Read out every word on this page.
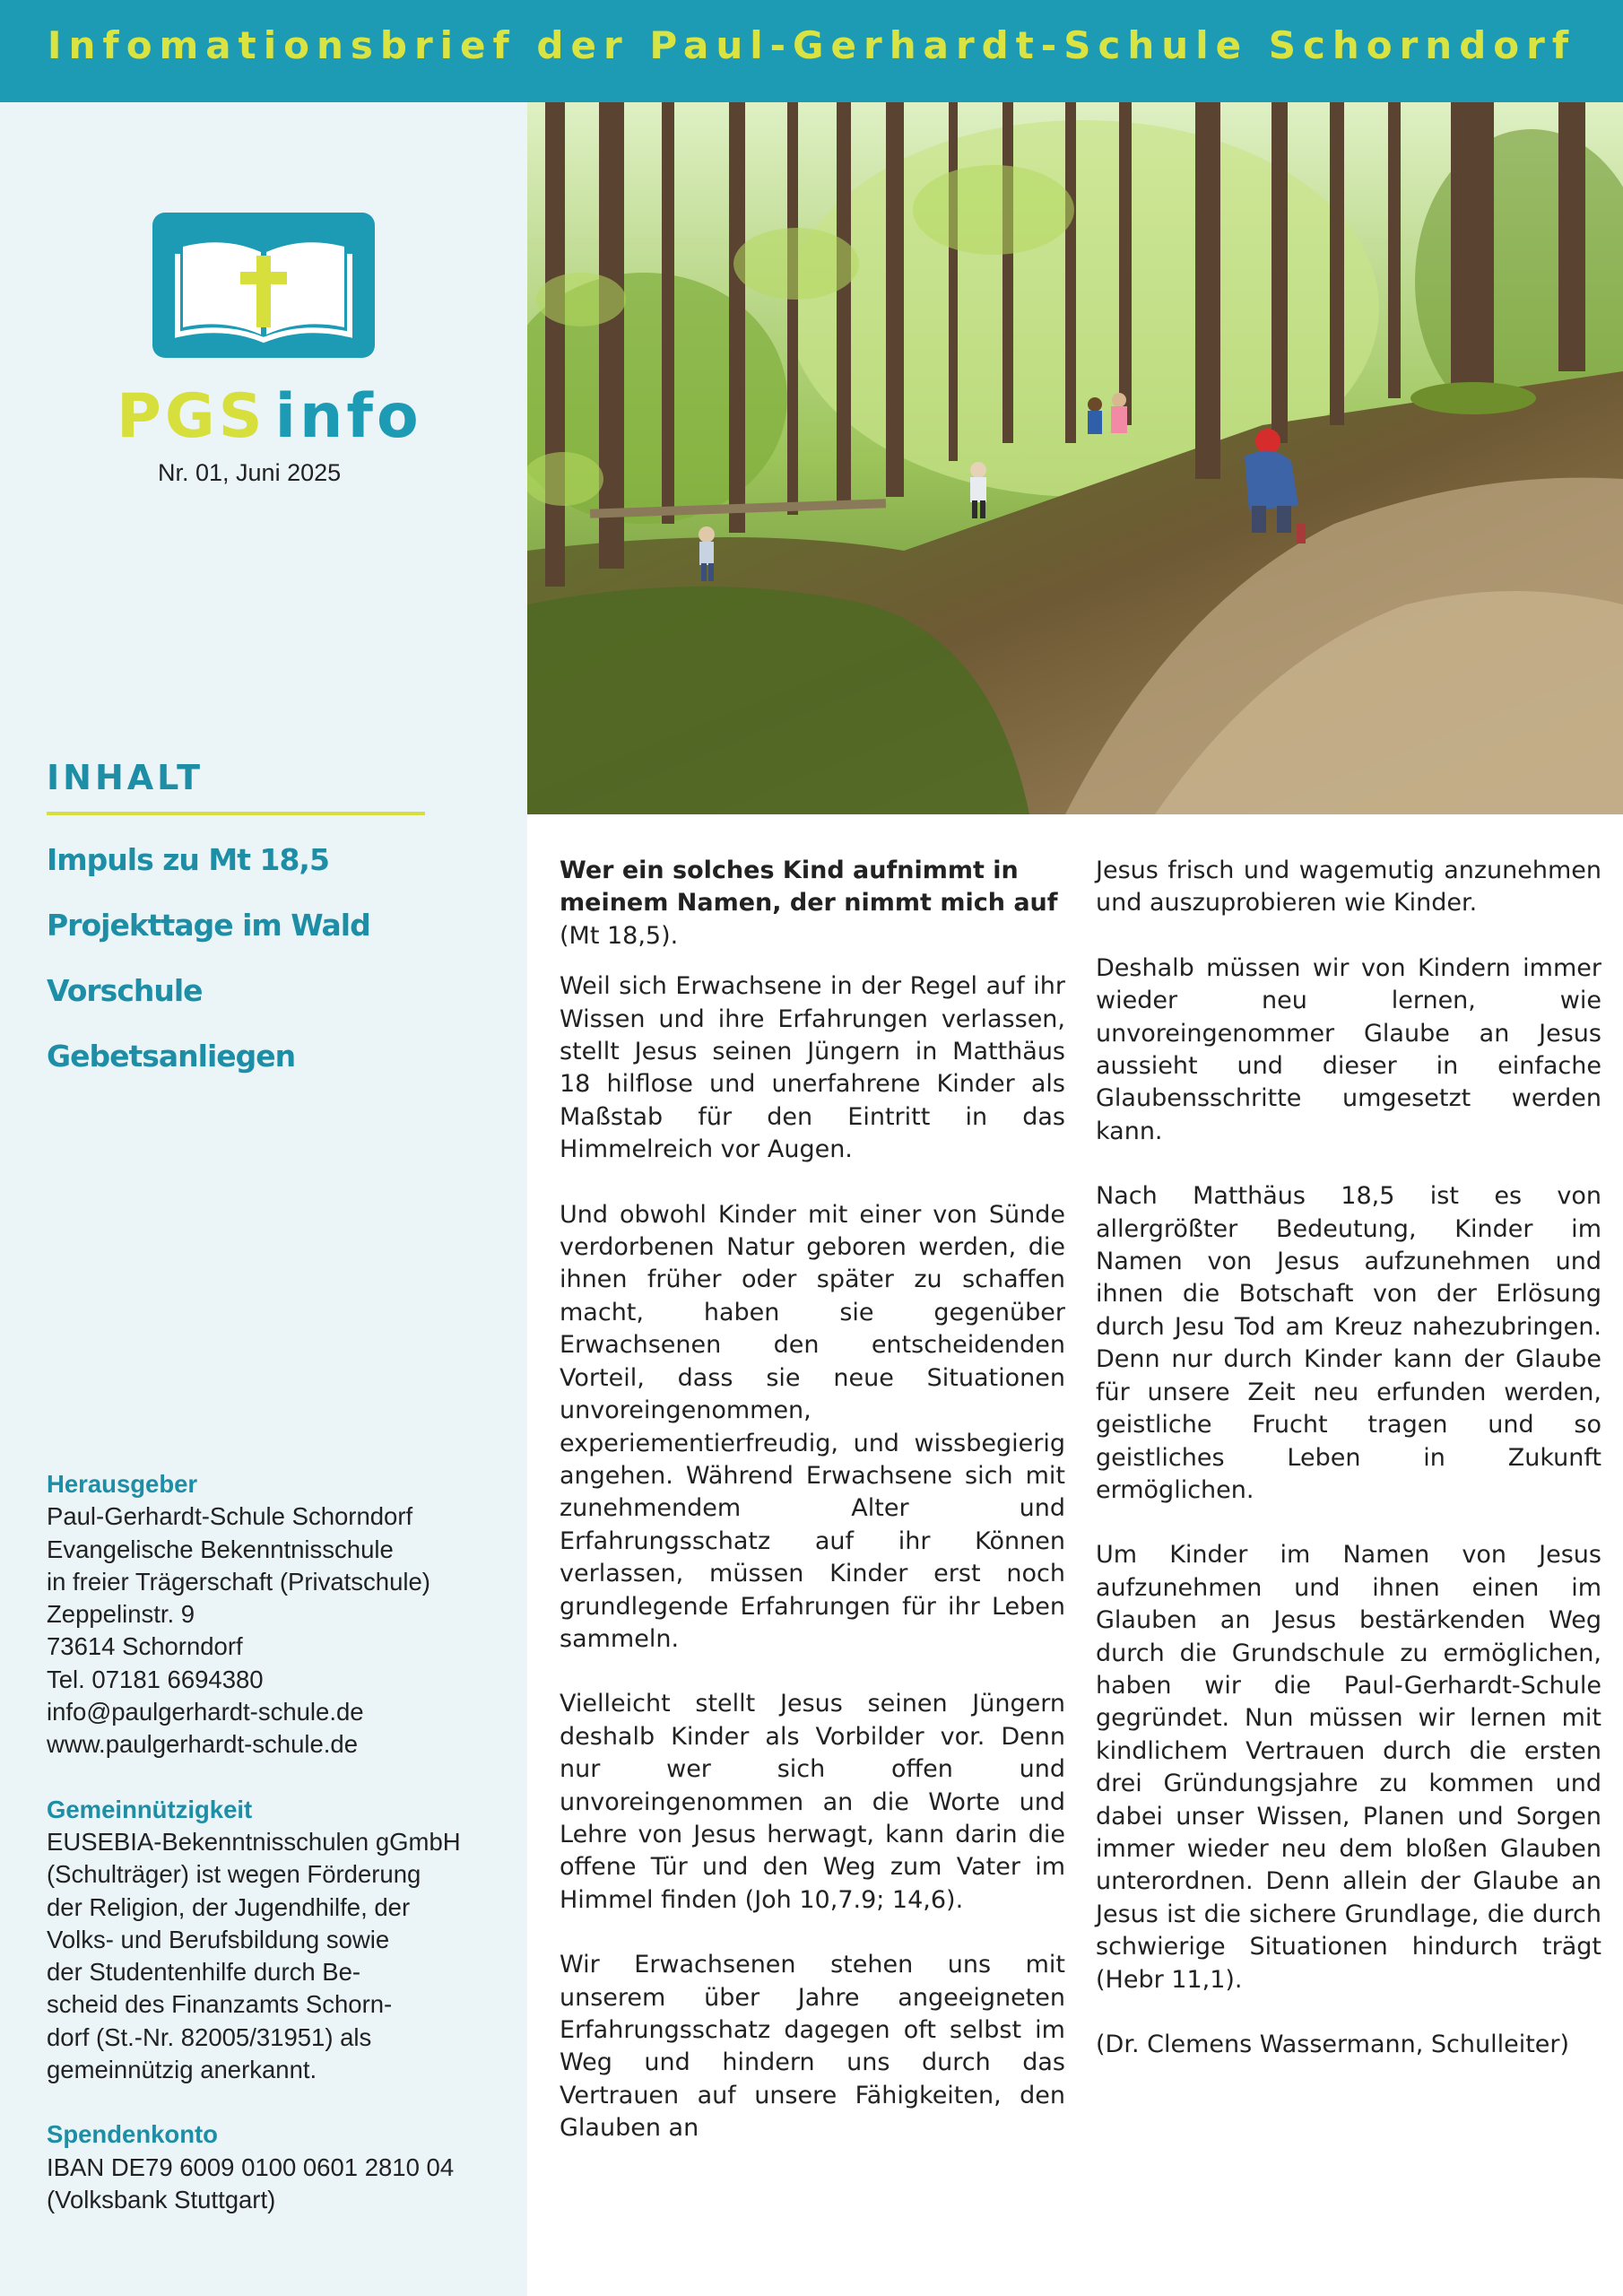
Infomationsbrief der Paul-Gerhardt-Schule Schorndorf
PGS info
Nr. 01, Juni 2025
INHALT
Impuls zu Mt 18,5
Projekttage im Wald
Vorschule
Gebetsanliegen
Herausgeber
Paul-Gerhardt-Schule Schorndorf
Evangelische Bekenntnisschule
in freier Trägerschaft (Privatschule)
Zeppelinstr. 9
73614 Schorndorf
Tel. 07181 6694380
info@paulgerhardt-schule.de
www.paulgerhardt-schule.de
Gemeinnützigkeit
EUSEBIA-Bekenntnisschulen gGmbH
(Schulträger) ist wegen Förderung
der Religion, der Jugendhilfe, der
Volks- und Berufsbildung sowie
der Studentenhilfe durch Be-
scheid des Finanzamts Schorn-
dorf (St.-Nr. 82005/31951) als
gemeinnützig anerkannt.
Spendenkonto
IBAN DE79 6009 0100 0601 2810 04
(Volksbank Stuttgart)

Wer ein solches Kind aufnimmt in meinem Namen, der nimmt mich auf (Mt 18,5).

Weil sich Erwachsene in der Regel auf ihr Wissen und ihre Erfahrungen verlassen, stellt Jesus seinen Jüngern in Matthäus 18 hilflose und unerfahrene Kinder als Maßstab für den Eintritt in das Himmelreich vor Augen.

Und obwohl Kinder mit einer von Sünde verdorbenen Natur geboren werden, die ihnen früher oder später zu schaffen macht, haben sie gegenüber Erwachsenen den entscheidenden Vorteil, dass sie neue Situationen unvoreingenommen, experiementierfreudig, und wissbegierig angehen. Während Erwachsene sich mit zunehmendem Alter und Erfahrungsschatz auf ihr Können verlassen, müssen Kinder erst noch grundlegende Erfahrungen für ihr Leben sammeln.

Vielleicht stellt Jesus seinen Jüngern deshalb Kinder als Vorbilder vor. Denn nur wer sich offen und unvoreingenommen an die Worte und Lehre von Jesus herwagt, kann darin die offene Tür und den Weg zum Vater im Himmel finden (Joh 10,7.9; 14,6).

Wir Erwachsenen stehen uns mit unserem über Jahre angeeigneten Erfahrungsschatz dagegen oft selbst im Weg und hindern uns durch das Vertrauen auf unsere Fähigkeiten, den Glauben an

Jesus frisch und wagemutig anzunehmen und auszuprobieren wie Kinder.

Deshalb müssen wir von Kindern immer wieder neu lernen, wie unvoreingenommer Glaube an Jesus aussieht und dieser in einfache Glaubensschritte umgesetzt werden kann.

Nach Matthäus 18,5 ist es von allergrößter Bedeutung, Kinder im Namen von Jesus aufzunehmen und ihnen die Botschaft von der Erlösung durch Jesu Tod am Kreuz nahezubringen. Denn nur durch Kinder kann der Glaube für unsere Zeit neu erfunden werden, geistliche Frucht tragen und so geistliches Leben in Zukunft ermöglichen.

Um Kinder im Namen von Jesus aufzunehmen und ihnen einen im Glauben an Jesus bestärkenden Weg durch die Grundschule zu ermöglichen, haben wir die Paul-Gerhardt-Schule gegründet. Nun müssen wir lernen mit kindlichem Vertrauen durch die ersten drei Gründungsjahre zu kommen und dabei unser Wissen, Planen und Sorgen immer wieder neu dem bloßen Glauben unterordnen. Denn allein der Glaube an Jesus ist die sichere Grundlage, die durch schwierige Situationen hindurch trägt (Hebr 11,1).

(Dr. Clemens Wassermann, Schulleiter)
